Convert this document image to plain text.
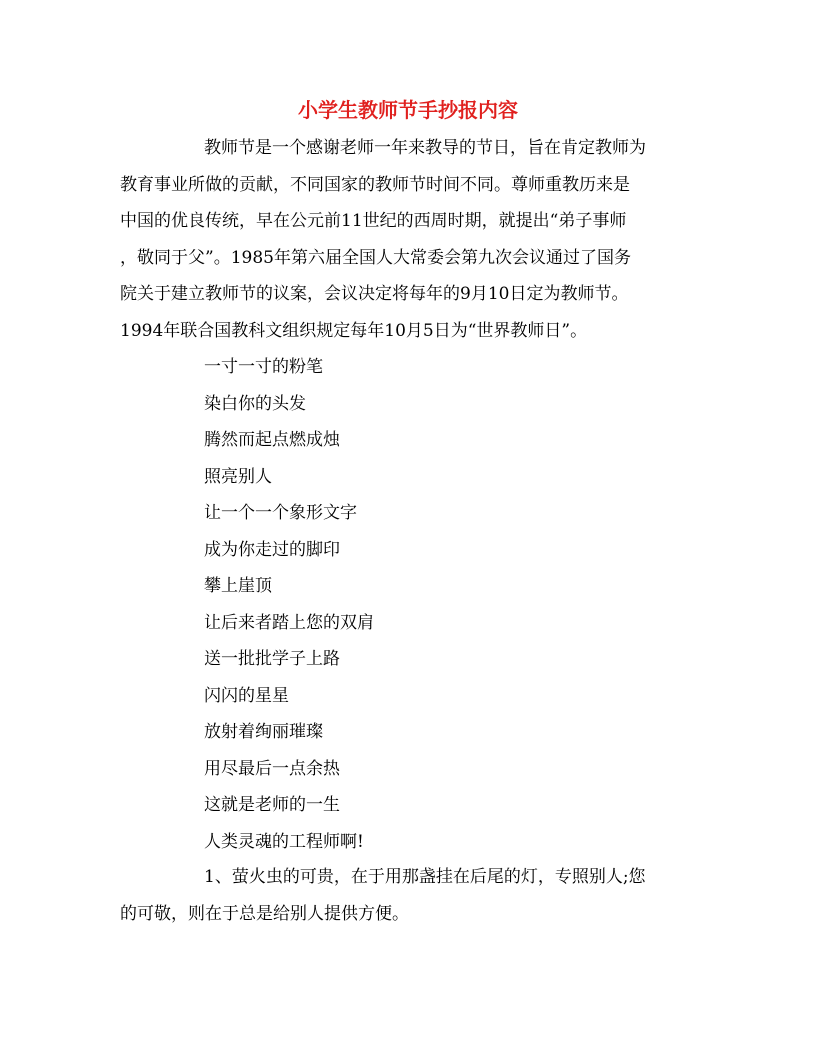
小学生教师节手抄报内容
教师节是一个感谢老师一年来教导的节日，旨在肯定教师为
教育事业所做的贡献，不同国家的教师节时间不同。尊师重教历来是
中国的优良传统，早在公元前11世纪的西周时期，就提出“弟子事师
，敬同于父”。1985年第六届全国人大常委会第九次会议通过了国务
院关于建立教师节的议案，会议决定将每年的9月10日定为教师节。
1994年联合国教科文组织规定每年10月5日为“世界教师日”。
一寸一寸的粉笔
染白你的头发
腾然而起点燃成烛
照亮别人
让一个一个象形文字
成为你走过的脚印
攀上崖顶
让后来者踏上您的双肩
送一批批学子上路
闪闪的星星
放射着绚丽璀璨
用尽最后一点余热
这就是老师的一生
人类灵魂的工程师啊!
1、萤火虫的可贵，在于用那盏挂在后尾的灯，专照别人;您
的可敬，则在于总是给别人提供方便。
